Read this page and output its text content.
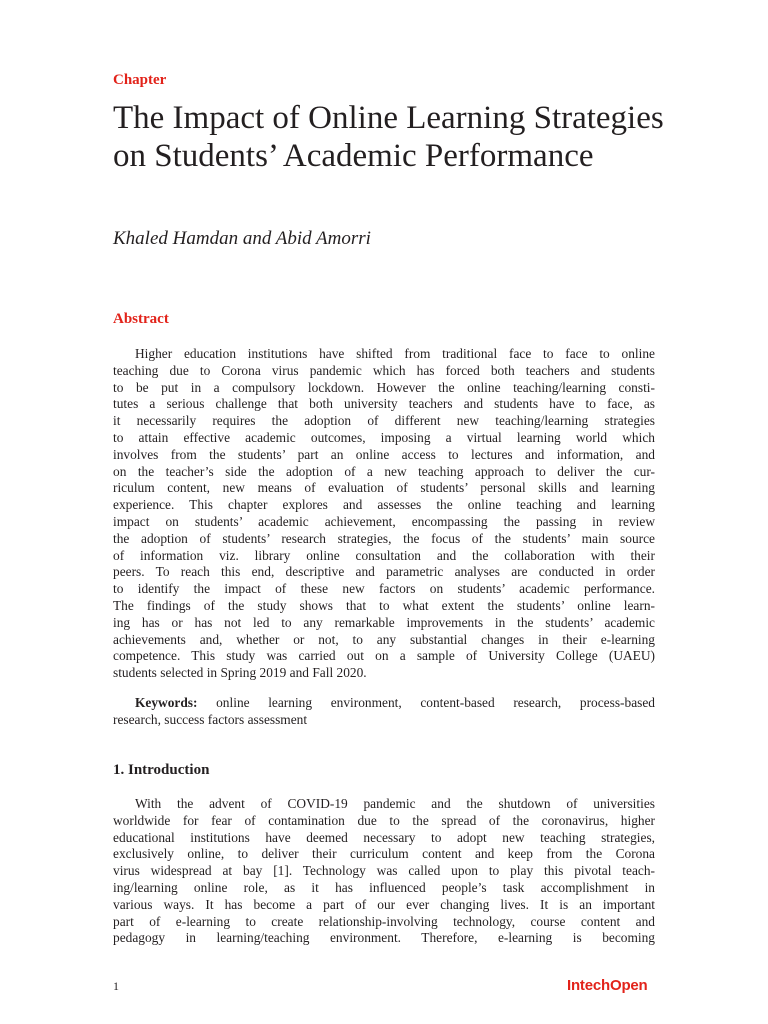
Chapter
The Impact of Online Learning Strategies on Students’ Academic Performance
Khaled Hamdan and Abid Amorri
Abstract
Higher education institutions have shifted from traditional face to face to online
teaching due to Corona virus pandemic which has forced both teachers and students
to be put in a compulsory lockdown. However the online teaching/learning consti-
tutes a serious challenge that both university teachers and students have to face, as
it necessarily requires the adoption of different new teaching/learning strategies
to attain effective academic outcomes, imposing a virtual learning world which
involves from the students’ part an online access to lectures and information, and
on the teacher’s side the adoption of a new teaching approach to deliver the cur-
riculum content, new means of evaluation of students’ personal skills and learning
experience. This chapter explores and assesses the online teaching and learning
impact on students’ academic achievement, encompassing the passing in review
the adoption of students’ research strategies, the focus of the students’ main source
of information viz. library online consultation and the collaboration with their
peers. To reach this end, descriptive and parametric analyses are conducted in order
to identify the impact of these new factors on students’ academic performance.
The findings of the study shows that to what extent the students’ online learn-
ing has or has not led to any remarkable improvements in the students’ academic
achievements and, whether or not, to any substantial changes in their e-learning
competence. This study was carried out on a sample of University College (UAEU)
students selected in Spring 2019 and Fall 2020.
Keywords: online learning environment, content-based research, process-based
research, success factors assessment
1. Introduction
With the advent of COVID-19 pandemic and the shutdown of universities
worldwide for fear of contamination due to the spread of the coronavirus, higher
educational institutions have deemed necessary to adopt new teaching strategies,
exclusively online, to deliver their curriculum content and keep from the Corona
virus widespread at bay [1]. Technology was called upon to play this pivotal teach-
ing/learning online role, as it has influenced people’s task accomplishment in
various ways. It has become a part of our ever changing lives. It is an important
part of e-learning to create relationship-involving technology, course content and
pedagogy in learning/teaching environment. Therefore, e-learning is becoming
1	IntechOpen
